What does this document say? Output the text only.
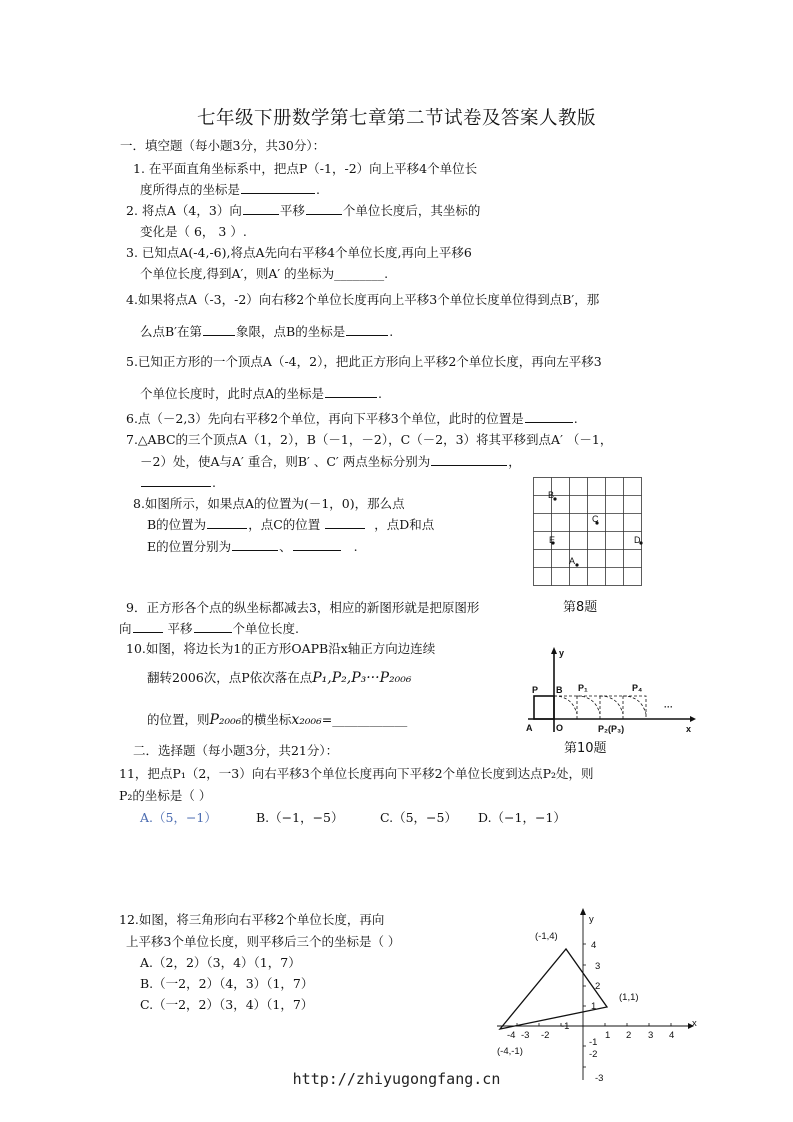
七年级下册数学第七章第二节试卷及答案人教版
一．填空题（每小题3分，共30分）：
1. 在平面直角坐标系中，把点P（-1，-2）向上平移4个单位长
度所得点的坐标是	.
2. 将点A（4，3）向	平移	个单位长度后，其坐标的
变化是（ 6， 3 ）.
3. 已知点A(-4,-6),将点A先向右平移4个单位长度,再向上平移6
个单位长度,得到A′，则A′ 的坐标为________.
4.如果将点A（-3，-2）向右移2个单位长度再向上平移3个单位长度单位得到点B′，那
么点B′在第	象限，点B的坐标是	.
5.已知正方形的一个顶点A（-4，2），把此正方形向上平移2个单位长度，再向左平移3
个单位长度时，此时点A的坐标是	.
6.点（－2,3）先向右平移2个单位，再向下平移3个单位，此时的位置是	.
7.△ABC的三个顶点A（1，2），B（－1，－2），C（－2，3）将其平移到点A′ （－1，
－2）处，使A与A′ 重合，则B′ 、C′ 两点坐标分别为	，
.
8.如图所示，如果点A的位置为(－1，0)，那么点
B的位置为	，点C的位置	，点D和点
E的位置分别为	、	.
B
C
E	D
A
第8题
9．正方形各个点的纵坐标都减去3，相应的新图形就是把原图形
向	平移	个单位长度.
10.如图，将边长为1的正方形OAPB沿x轴正方向边连续
翻转2006次，点P依次落在点P₁,P₂,P₃···P₂₀₀₆
的位置，则P₂₀₀₆的横坐标x₂₀₀₆=____________
y
P B P₁	P₄
···
A	O	P₂(P₃)	x
第10题
二．选择题（每小题3分，共21分）：
11，把点P₁（2，一3）向右平移3个单位长度再向下平移2个单位长度到达点P₂处，则
P₂的坐标是（ ）
A.（5，−1）	B.（−1，−5）	C.（5，−5） D.（−1，−1）
12.如图，将三角形向右平移2个单位长度，再向
上平移3个单位长度，则平移后三个的坐标是（ ）
A.（2，2）（3，4）（1，7）
B.（一2，2）（4，3）（1，7）
C.（一2，2）（3，4）（1，7）
(-1,4)
(1,1)
(-4,-1)
x
y
-4 -3 -2
-1
1 2 3 4
4
3
2
1
-1
-2
-3
http://zhiyugongfang.cn
